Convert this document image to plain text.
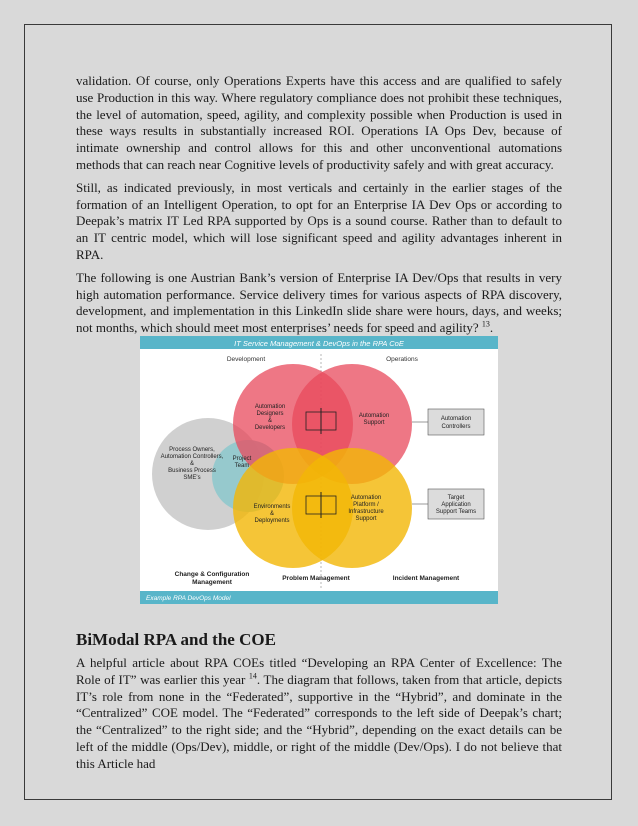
validation. Of course, only Operations Experts have this access and are qualified to safely use Production in this way. Where regulatory compliance does not prohibit these techniques, the level of automation, speed, agility, and complexity possible when Production is used in these ways results in substantially increased ROI. Operations IA Ops Dev, because of intimate ownership and control allows for this and other unconventional automations methods that can reach near Cognitive levels of productivity safely and with great accuracy.

Still, as indicated previously, in most verticals and certainly in the earlier stages of the formation of an Intelligent Operation, to opt for an Enterprise IA Dev Ops or according to Deepak’s matrix IT Led RPA supported by Ops is a sound course. Rather than to default to an IT centric model, which will lose significant speed and agility advantages inherent in RPA.

The following is one Austrian Bank’s version of Enterprise IA Dev/Ops that results in very high automation performance. Service delivery times for various aspects of RPA discovery, development, and implementation in this LinkedIn slide share were hours, days, and weeks; not months, which should meet most enterprises’ needs for speed and agility? $^{13}$.

IT Service Management & DevOps in the RPA CoE
Development	Operations
Automation
Designers
&
Developers
Automation
Support
Process Owners,
Automation Controllers,
&
Business Process
SME's
Project
Team
Environments
&
Deployments
Automation
Platform /
Infrastructure
Support
Automation
Controllers
Target
Application
Support Teams
Change & Configuration
Management
Problem Management	Incident Management
Example RPA DevOps Model
BiModal RPA and the COE

A helpful article about RPA COEs titled “Developing an RPA Center of Excellence: The Role of IT” was earlier this year $^{14}$. The diagram that follows, taken from that article, depicts IT’s role from none in the “Federated”, supportive in the “Hybrid”, and dominate in the “Centralized” COE model. The “Federated” corresponds to the left side of Deepak’s chart; the “Centralized” to the right side; and the “Hybrid”, depending on the exact details can be left of the middle (Ops/Dev), middle, or right of the middle (Dev/Ops). I do not believe that this Article had
